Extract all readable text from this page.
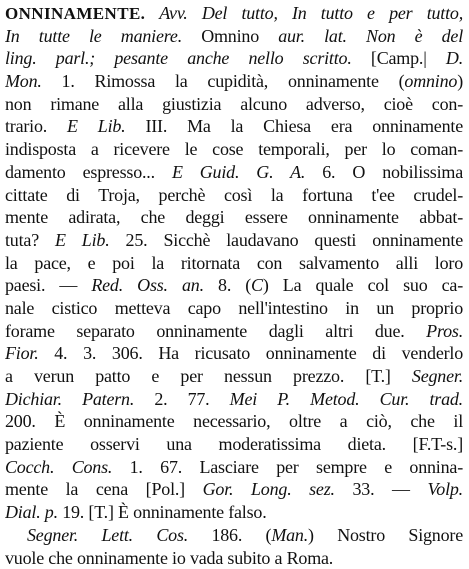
ONNINAMENTE. Avv. Del tutto, In tutto e per tutto,
In tutte le maniere. Omnino aur. lat. Non è del
ling. parl.; pesante anche nello scritto. [Camp.| D.
Mon. 1. Rimossa la cupidità, onninamente (omnino)
non rimane alla giustizia alcuno adverso, cioè con-
trario. E Lib. III. Ma la Chiesa era onninamente
indisposta a ricevere le cose temporali, per lo coman-
damento espresso... E Guid. G. A. 6. O nobilissima
cittate di Troja, perchè così la fortuna t'ee crudel-
mente adirata, che deggi essere onninamente abbat-
tuta? E Lib. 25. Sicchè laudavano questi onninamente
la pace, e poi la ritornata con salvamento alli loro
paesi. — Red. Oss. an. 8. (C) La quale col suo ca-
nale cistico metteva capo nell'intestino in un proprio
forame separato onninamente dagli altri due. Pros.
Fior. 4. 3. 306. Ha ricusato onninamente di venderlo
a verun patto e per nessun prezzo. [T.] Segner.
Dichiar. Patern. 2. 77. Mei P. Metod. Cur. trad.
200. È onninamente necessario, oltre a ciò, che il
paziente osservi una moderatissima dieta. [F.T-s.]
Cocch. Cons. 1. 67. Lasciare per sempre e onnina-
mente la cena [Pol.] Gor. Long. sez. 33. — Volp.
Dial. p. 19. [T.] È onninamente falso.
Segner. Lett. Cos. 186. (Man.) Nostro Signore
vuole che onninamente io vada subito a Roma.
